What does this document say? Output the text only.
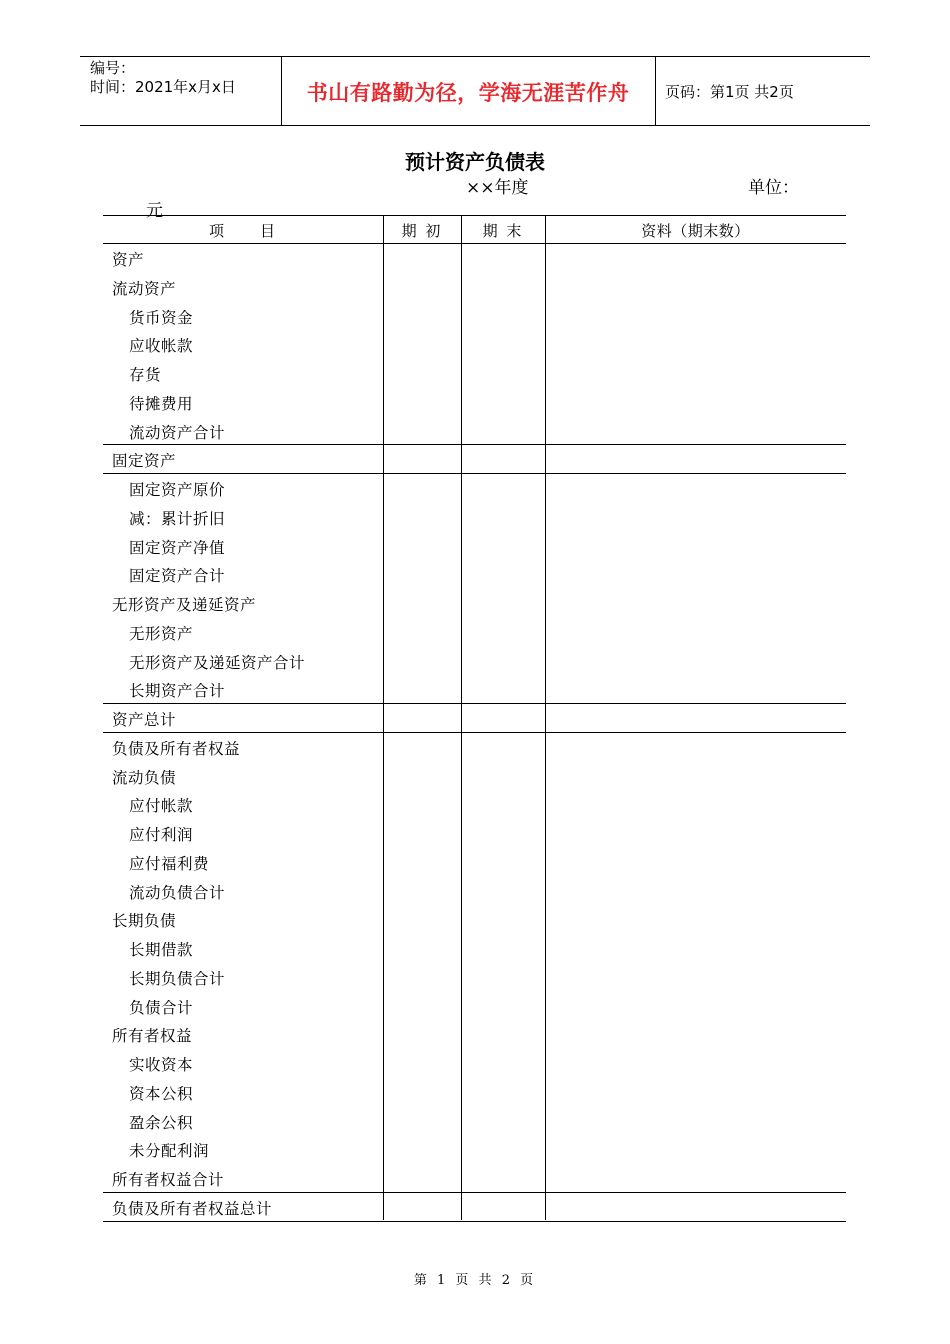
编号：
时间：2021年x月x日	书山有路勤为径，学海无涯苦作舟	页码：第1页 共2页
预计资产负债表
××年度	单位：
元
项　　目	期 初	期 末	资料（期末数）
资产
流动资产
货币资金
应收帐款
存货
待摊费用
流动资产合计
固定资产
固定资产原价
减：累计折旧
固定资产净值
固定资产合计
无形资产及递延资产
无形资产
无形资产及递延资产合计
长期资产合计
资产总计
负债及所有者权益
流动负债
应付帐款
应付利润
应付福利费
流动负债合计
长期负债
长期借款
长期负债合计
负债合计
所有者权益
实收资本
资本公积
盈余公积
未分配利润
所有者权益合计
负债及所有者权益总计
第 1 页 共 2 页
